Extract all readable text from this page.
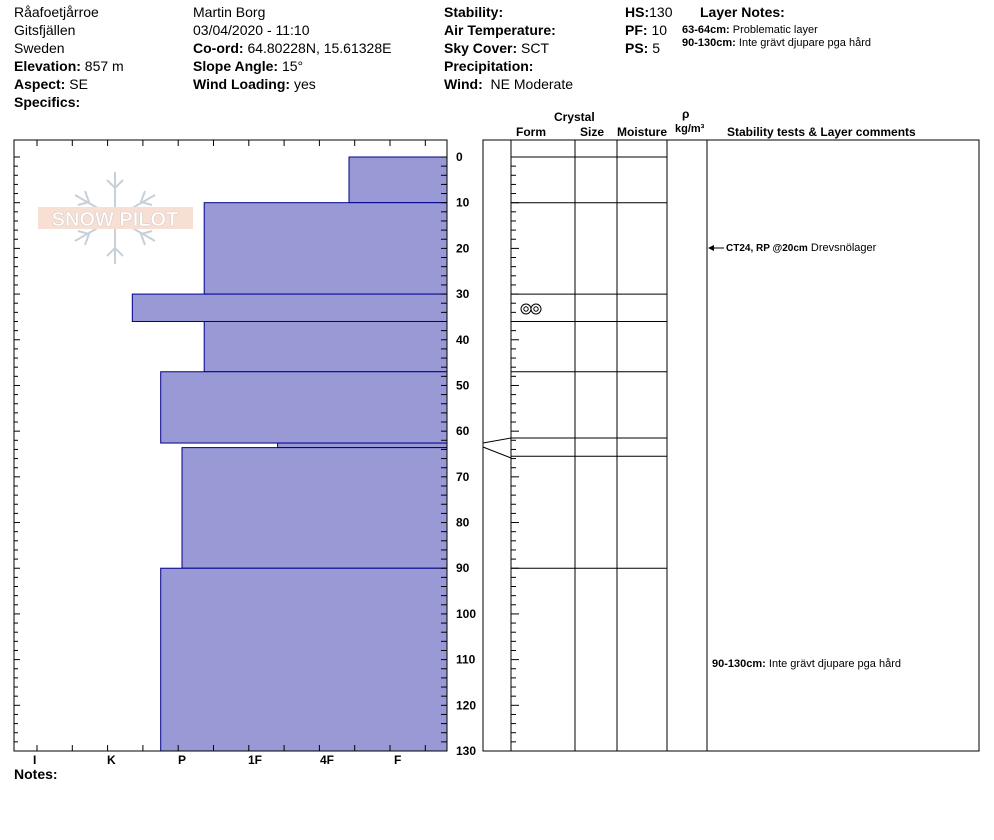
Råafoetjårroe
Gitsfjällen
Sweden
Elevation: 857 m
Aspect: SE
Specifics:
Martin Borg
03/04/2020 - 11:10
Co-ord: 64.80228N, 15.61328E
Slope Angle: 15°
Wind Loading: yes
Stability:
Air Temperature:
Sky Cover: SCT
Precipitation:
Wind: NE Moderate
HS:130
PF: 10
PS: 5
Layer Notes:
63-64cm: Problematic layer
90-130cm: Inte grävt djupare pga hård
Crystal
Form	Size Moisture
ρ
kg/m³ Stability tests & Layer comments
SNOW PILOT
0
10
20
30
40
50
60
70
80
90
100
110
120
130
CT24, RP @20cm Drevsnölager
90-130cm: Inte grävt djupare pga hård
I	K	P	1F	4F	F
Notes:
